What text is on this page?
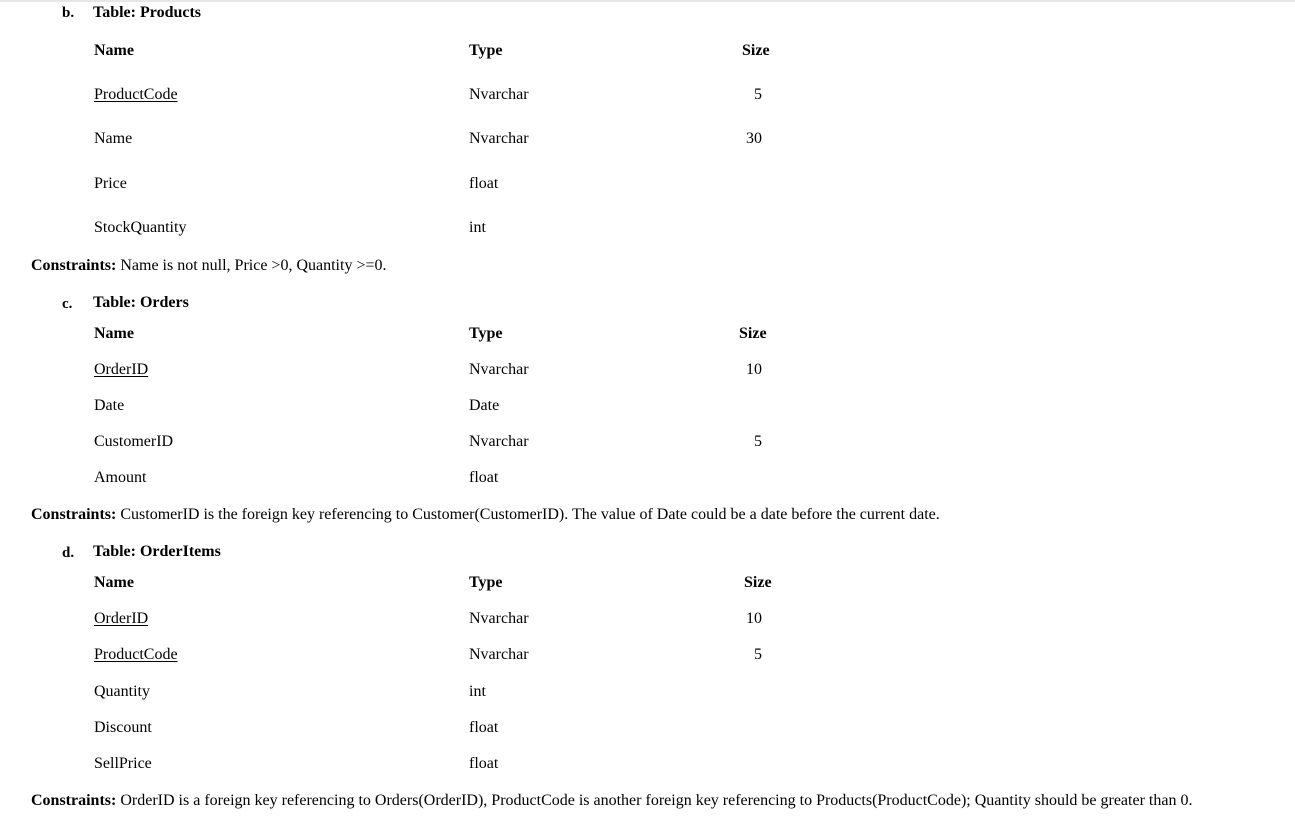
b. Table: Products
Name	Type	Size
ProductCode	Nvarchar	5
Name	Nvarchar	30
Price	float
StockQuantity	int
Constraints: Name is not null, Price >0, Quantity >=0.
c. Table: Orders
Name	Type	Size
OrderID	Nvarchar	10
Date	Date
CustomerID	Nvarchar	5
Amount	float
Constraints: CustomerID is the foreign key referencing to Customer(CustomerID). The value of Date could be a date before the current date.
d. Table: OrderItems
Name	Type	Size
OrderID	Nvarchar	10
ProductCode	Nvarchar	5
Quantity	int
Discount	float
SellPrice	float
Constraints: OrderID is a foreign key referencing to Orders(OrderID), ProductCode is another foreign key referencing to Products(ProductCode); Quantity should be greater than 0.
